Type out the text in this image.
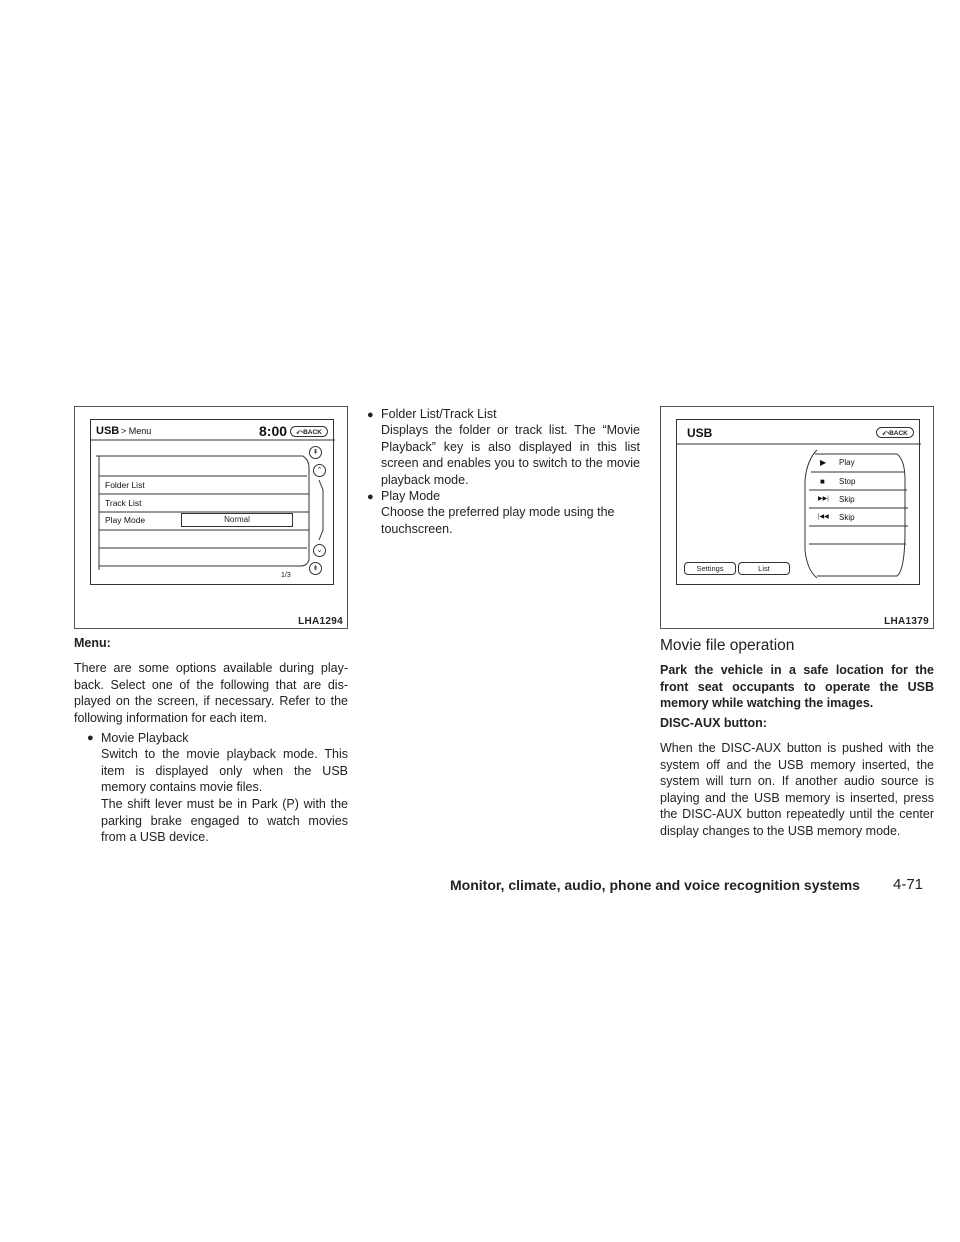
USB > Menu	8:00	⤺BACK
Folder List
Track List
Play Mode	Normal
⇞
⌃
⌄
⇟
1/3
LHA1294
USB	⤺BACK
▶ Play
■ Stop
▶▶| Skip
|◀◀ Skip
Settings	List
LHA1379
Menu:
There are some options available during play-back. Select one of the following that are dis-played on the screen, if necessary. Refer to the following information for each item.
● Movie Playback
Switch to the movie playback mode. This item is displayed only when the USB memory contains movie files.
The shift lever must be in Park (P) with the parking brake engaged to watch movies from a USB device.
● Folder List/Track List
Displays the folder or track list. The “Movie Playback” key is also displayed in this list screen and enables you to switch to the movie playback mode.
● Play Mode
Choose the preferred play mode using the touchscreen.
Movie file operation
Park the vehicle in a safe location for the front seat occupants to operate the USB memory while watching the images.
DISC-AUX button:
When the DISC-AUX button is pushed with the system off and the USB memory inserted, the system will turn on. If another audio source is playing and the USB memory is inserted, press the DISC-AUX button repeatedly until the center display changes to the USB memory mode.
Monitor, climate, audio, phone and voice recognition systems 4-71
